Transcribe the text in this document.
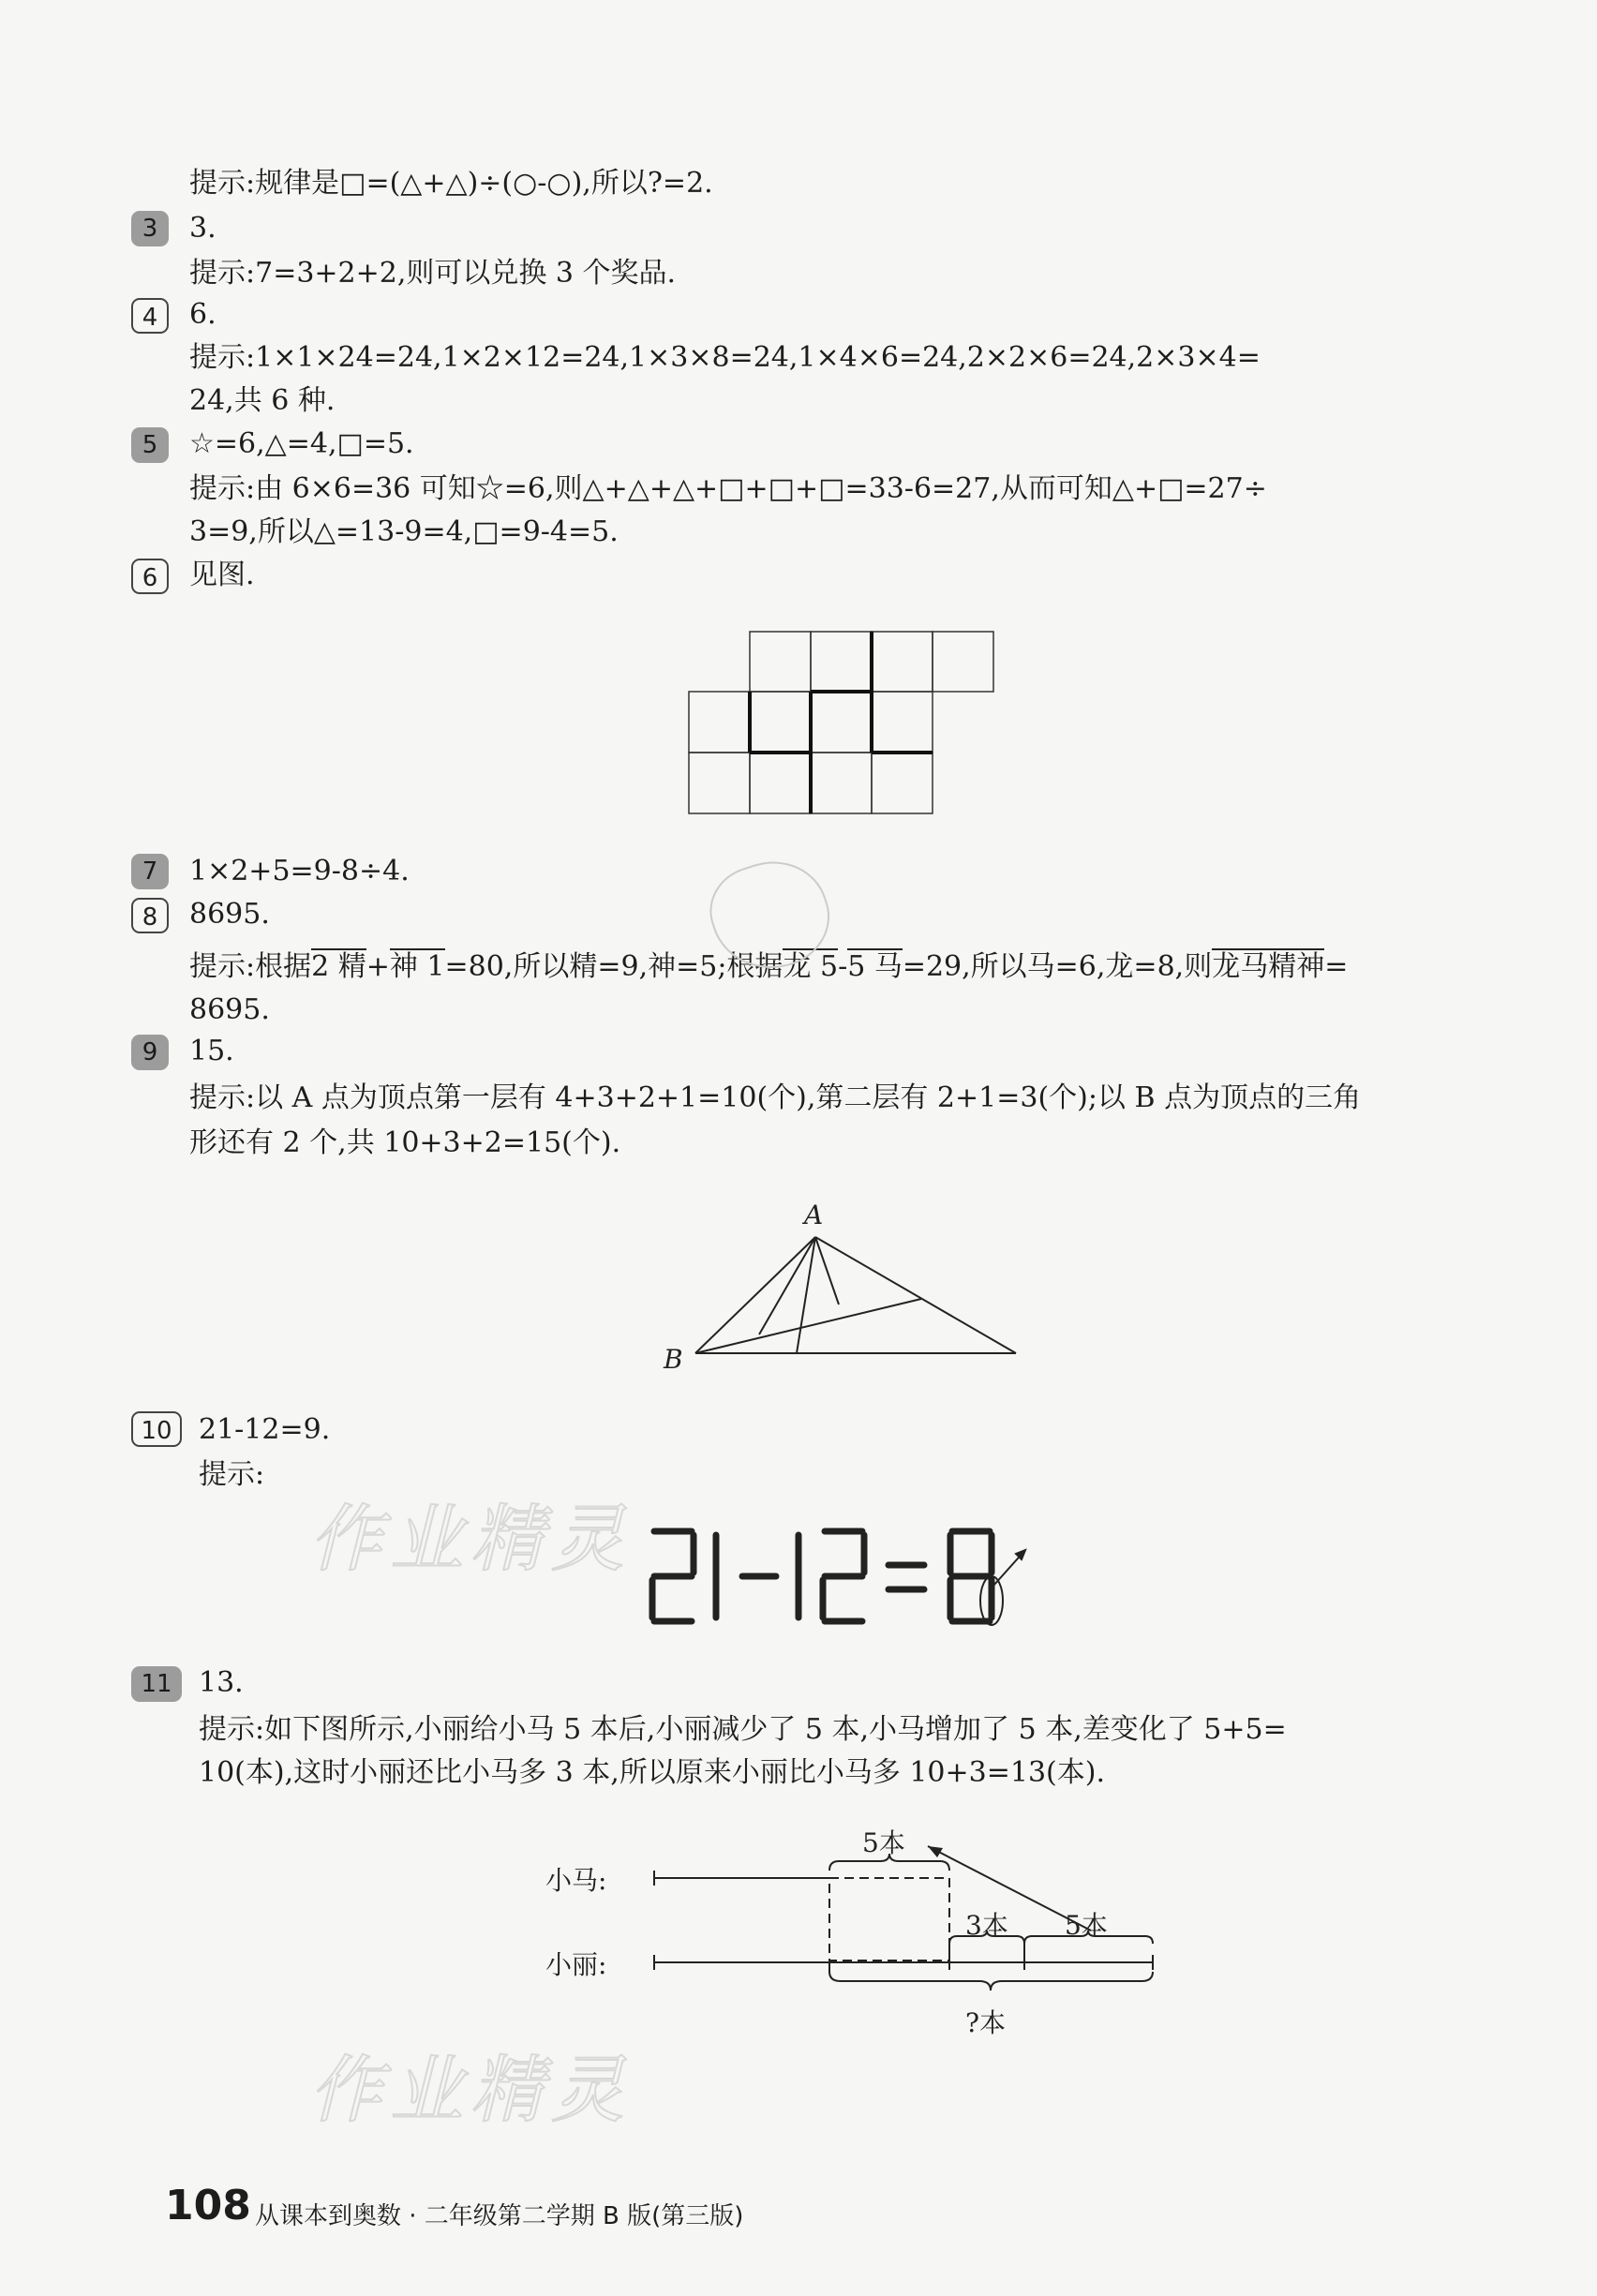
提示:规律是□=(△+△)÷(○-○),所以?=2.
3	3.
提示:7=3+2+2,则可以兑换 3 个奖品.
4	6.
提示:1×1×24=24,1×2×12=24,1×3×8=24,1×4×6=24,2×2×6=24,2×3×4=
24,共 6 种.
5	☆=6,△=4,□=5.
提示:由 6×6=36 可知☆=6,则△+△+△+□+□+□=33-6=27,从而可知△+□=27÷
3=9,所以△=13-9=4,□=9-4=5.
6	见图.
7	1×2+5=9-8÷4.
8	8695.
提示:根据2 精+神 1=80,所以精=9,神=5;根据龙 5-5 马=29,所以马=6,龙=8,则龙马精神=
8695.
9	15.
提示:以 A 点为顶点第一层有 4+3+2+1=10(个),第二层有 2+1=3(个);以 B 点为顶点的三角
形还有 2 个,共 10+3+2=15(个).
A
B
10 21-12=9.
提示:
作业精灵
11 13.
提示:如下图所示,小丽给小马 5 本后,小丽减少了 5 本,小马增加了 5 本,差变化了 5+5=
10(本),这时小丽还比小马多 3 本,所以原来小丽比小马多 10+3=13(本).
小马:
小丽:
5本
3本 5本
?本
作业精灵
108 从课本到奥数 · 二年级第二学期 B 版(第三版)
